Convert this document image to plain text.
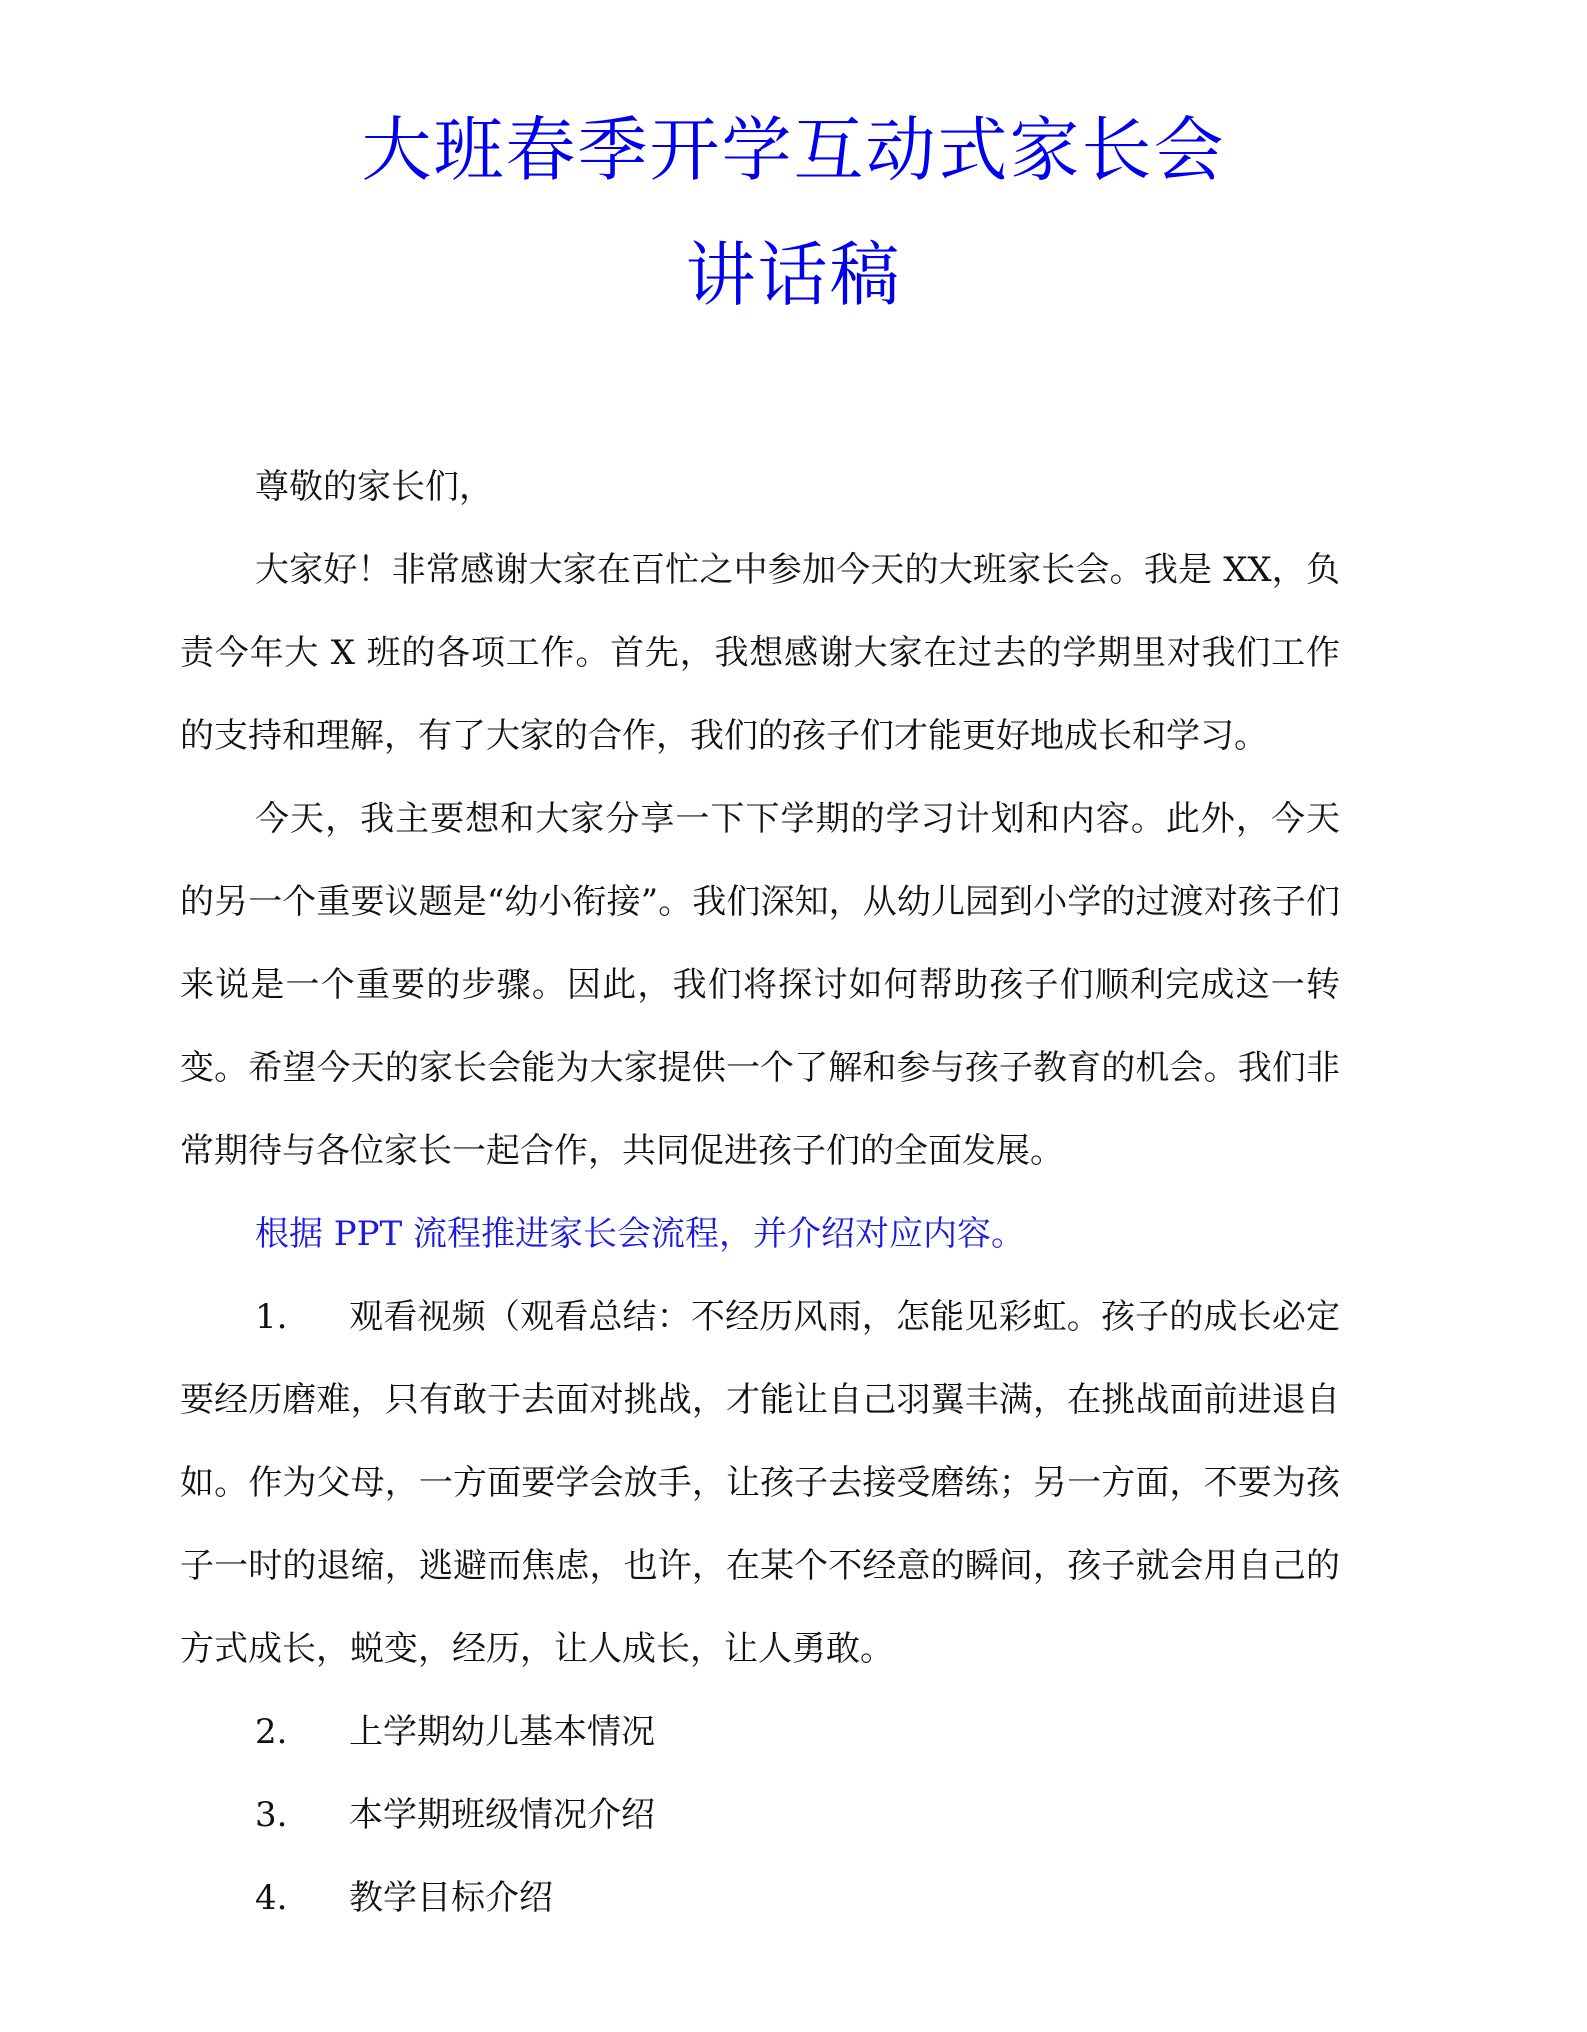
大班春季开学互动式家长会
讲话稿

尊敬的家长们，

大家好！非常感谢大家在百忙之中参加今天的大班家长会。我是 XX，负责今年大 X 班的各项工作。首先，我想感谢大家在过去的学期里对我们工作的支持和理解，有了大家的合作，我们的孩子们才能更好地成长和学习。

今天，我主要想和大家分享一下下学期的学习计划和内容。此外，今天的另一个重要议题是“幼小衔接”。我们深知，从幼儿园到小学的过渡对孩子们来说是一个重要的步骤。因此，我们将探讨如何帮助孩子们顺利完成这一转变。希望今天的家长会能为大家提供一个了解和参与孩子教育的机会。我们非常期待与各位家长一起合作，共同促进孩子们的全面发展。

根据 PPT 流程推进家长会流程，并介绍对应内容。

1. 观看视频（观看总结：不经历风雨，怎能见彩虹。孩子的成长必定要经历磨难，只有敢于去面对挑战，才能让自己羽翼丰满，在挑战面前进退自如。作为父母，一方面要学会放手，让孩子去接受磨练；另一方面，不要为孩子一时的退缩，逃避而焦虑，也许，在某个不经意的瞬间，孩子就会用自己的方式成长，蜕变，经历，让人成长，让人勇敢。

2. 上学期幼儿基本情况

3. 本学期班级情况介绍

4. 教学目标介绍
